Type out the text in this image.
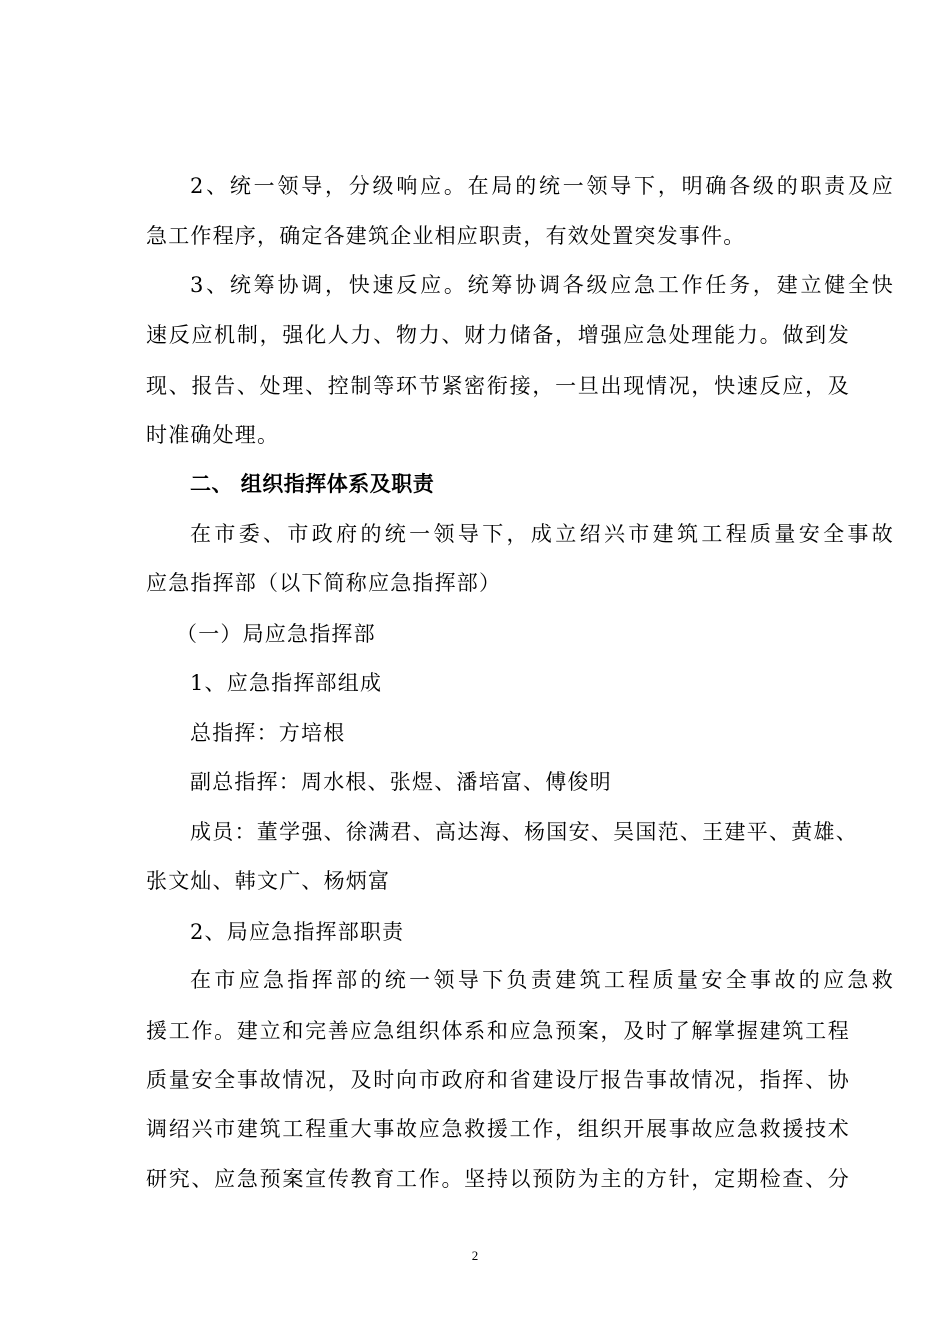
2、统一领导，分级响应。在局的统一领导下，明确各级的职责及应
急工作程序，确定各建筑企业相应职责，有效处置突发事件。
3、统筹协调，快速反应。统筹协调各级应急工作任务，建立健全快
速反应机制，强化人力、物力、财力储备，增强应急处理能力。做到发
现、报告、处理、控制等环节紧密衔接，一旦出现情况，快速反应，及
时准确处理。
二、 组织指挥体系及职责
在市委、市政府的统一领导下，成立绍兴市建筑工程质量安全事故
应急指挥部（以下简称应急指挥部）
（一）局应急指挥部
1、应急指挥部组成
总指挥：方培根
副总指挥：周水根、张煜、潘培富、傅俊明
成员：董学强、徐满君、高达海、杨国安、吴国范、王建平、黄雄、
张文灿、韩文广、杨炳富
2、局应急指挥部职责
在市应急指挥部的统一领导下负责建筑工程质量安全事故的应急救
援工作。建立和完善应急组织体系和应急预案，及时了解掌握建筑工程
质量安全事故情况，及时向市政府和省建设厅报告事故情况，指挥、协
调绍兴市建筑工程重大事故应急救援工作，组织开展事故应急救援技术
研究、应急预案宣传教育工作。坚持以预防为主的方针，定期检查、分
2
